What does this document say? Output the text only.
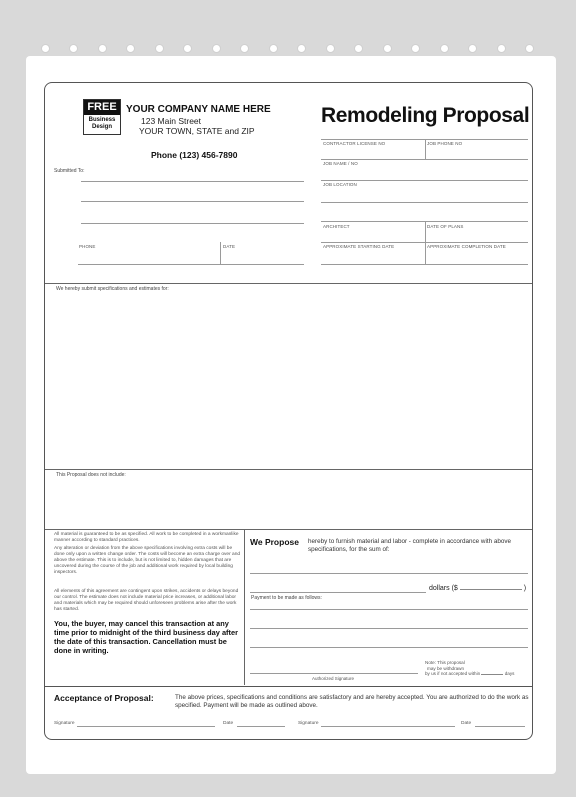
FREE
Business Design
YOUR COMPANY NAME HERE
123 Main Street
YOUR TOWN, STATE and ZIP
Phone (123) 456-7890
Submitted To:
PHONE	DATE
Remodeling Proposal
CONTRACTOR LICENSE NO	JOB PHONE NO
JOB NAME / NO
JOB LOCATION
ARCHITECT	DATE OF PLANS
APPROXIMATE STARTING DATE	APPROXIMATE COMPLETION DATE
We hereby submit specifications and estimates for:
This Proposal does not include:
All material is guaranteed to be as specified. All work to be completed in a workmanlike manner according to standard practices.
Any alteration or deviation from the above specifications involving extra costs will be done only upon a written change order. The costs will become an extra charge over and above the estimate. This is to include, but is not limited to, hidden damages that are uncovered during the course of the job and additional work required by local building inspectors.
All elements of this agreement are contingent upon strikes, accidents or delays beyond our control. The estimate does not include material price increases, or additional labor and materials which may be required should unforeseen problems arise after the work has started.
You, the buyer, may cancel this transaction at any time prior to midnight of the third business day after the date of this transaction. Cancellation must be done in writing.
We Propose hereby to furnish material and labor - complete in accordance with above specifications, for the sum of:
dollars ($	)
Payment to be made as follows:
Authorized Signature
Note: This proposal
may be withdrawn
by us if not accepted within	days
Acceptance of Proposal:	The above prices, specifications and conditions are satisfactory and are hereby accepted. You are authorized to do the work as specified. Payment will be made as outlined above.
Signature	Date	Signature	Date
